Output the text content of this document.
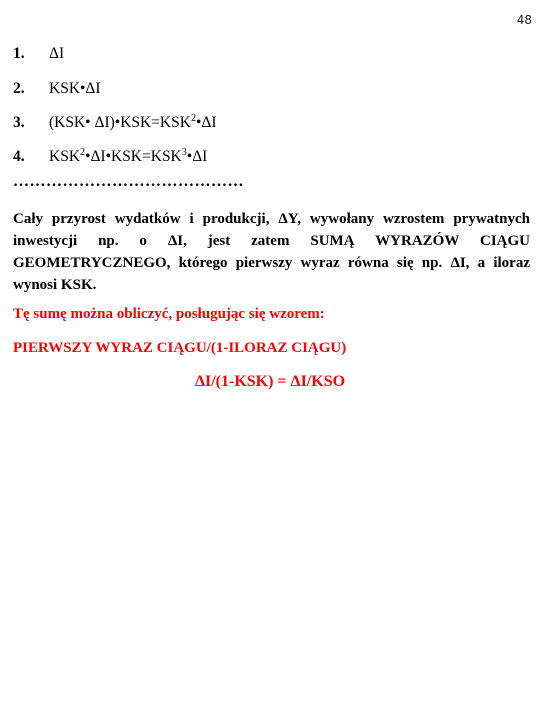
48
1. ΔI
2. KSK•ΔI
3. (KSK• $\Delta I)•KSK=KSK^2•\Delta I$
4. $KSK^2•\Delta I•KSK=KSK^3•\Delta I$
……………………………………
Cały przyrost wydatków i produkcji, ΔY, wywołany wzrostem prywatnych inwestycji np. o ΔI, jest zatem SUMĄ WYRAZÓW CIĄGU GEOMETRYCZNEGO, którego pierwszy wyraz równa się np. ΔI, a iloraz wynosi KSK.
Tę sumę można obliczyć, posługując się wzorem:
PIERWSZY WYRAZ CIĄGU/(1-ILORAZ CIĄGU)
ΔI/(1-KSK) = ΔI/KSO
